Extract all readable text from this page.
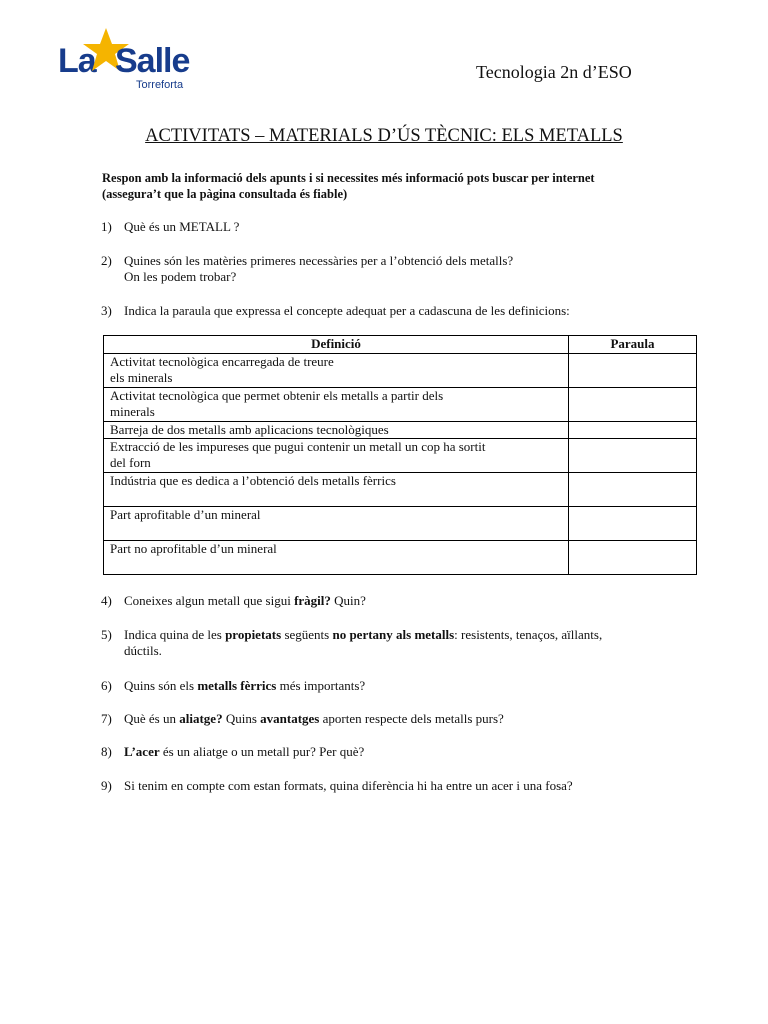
La Salle
Torreforta
Tecnologia 2n d’ESO
ACTIVITATS – MATERIALS D’ÚS TÈCNIC: ELS METALLS
Respon amb la informació dels apunts i si necessites més informació pots buscar per internet
(assegura’t que la pàgina consultada és fiable)
1) Què és un METALL ?
2) Quines són les matèries primeres necessàries per a l’obtenció dels metalls?
On les podem trobar?
3) Indica la paraula que expressa el concepte adequat per a cadascuna de les definicions:
Definició	Paraula
Activitat tecnològica encarregada de treure
els minerals	
Activitat tecnològica que permet obtenir els metalls a partir dels
minerals	
Barreja de dos metalls amb aplicacions tecnològiques	
Extracció de les impureses que pugui contenir un metall un cop ha sortit
del forn	
Indústria que es dedica a l’obtenció dels metalls fèrrics	
Part aprofitable d’un mineral	
Part no aprofitable d’un mineral	
4) Coneixes algun metall que sigui fràgil? Quin?
5) Indica quina de les propietats següents no pertany als metalls: resistents, tenaços, aïllants,
dúctils.
6) Quins són els metalls fèrrics més importants?
7) Què és un aliatge? Quins avantatges aporten respecte dels metalls purs?
8) L’acer és un aliatge o un metall pur? Per què?
9) Si tenim en compte com estan formats, quina diferència hi ha entre un acer i una fosa?
